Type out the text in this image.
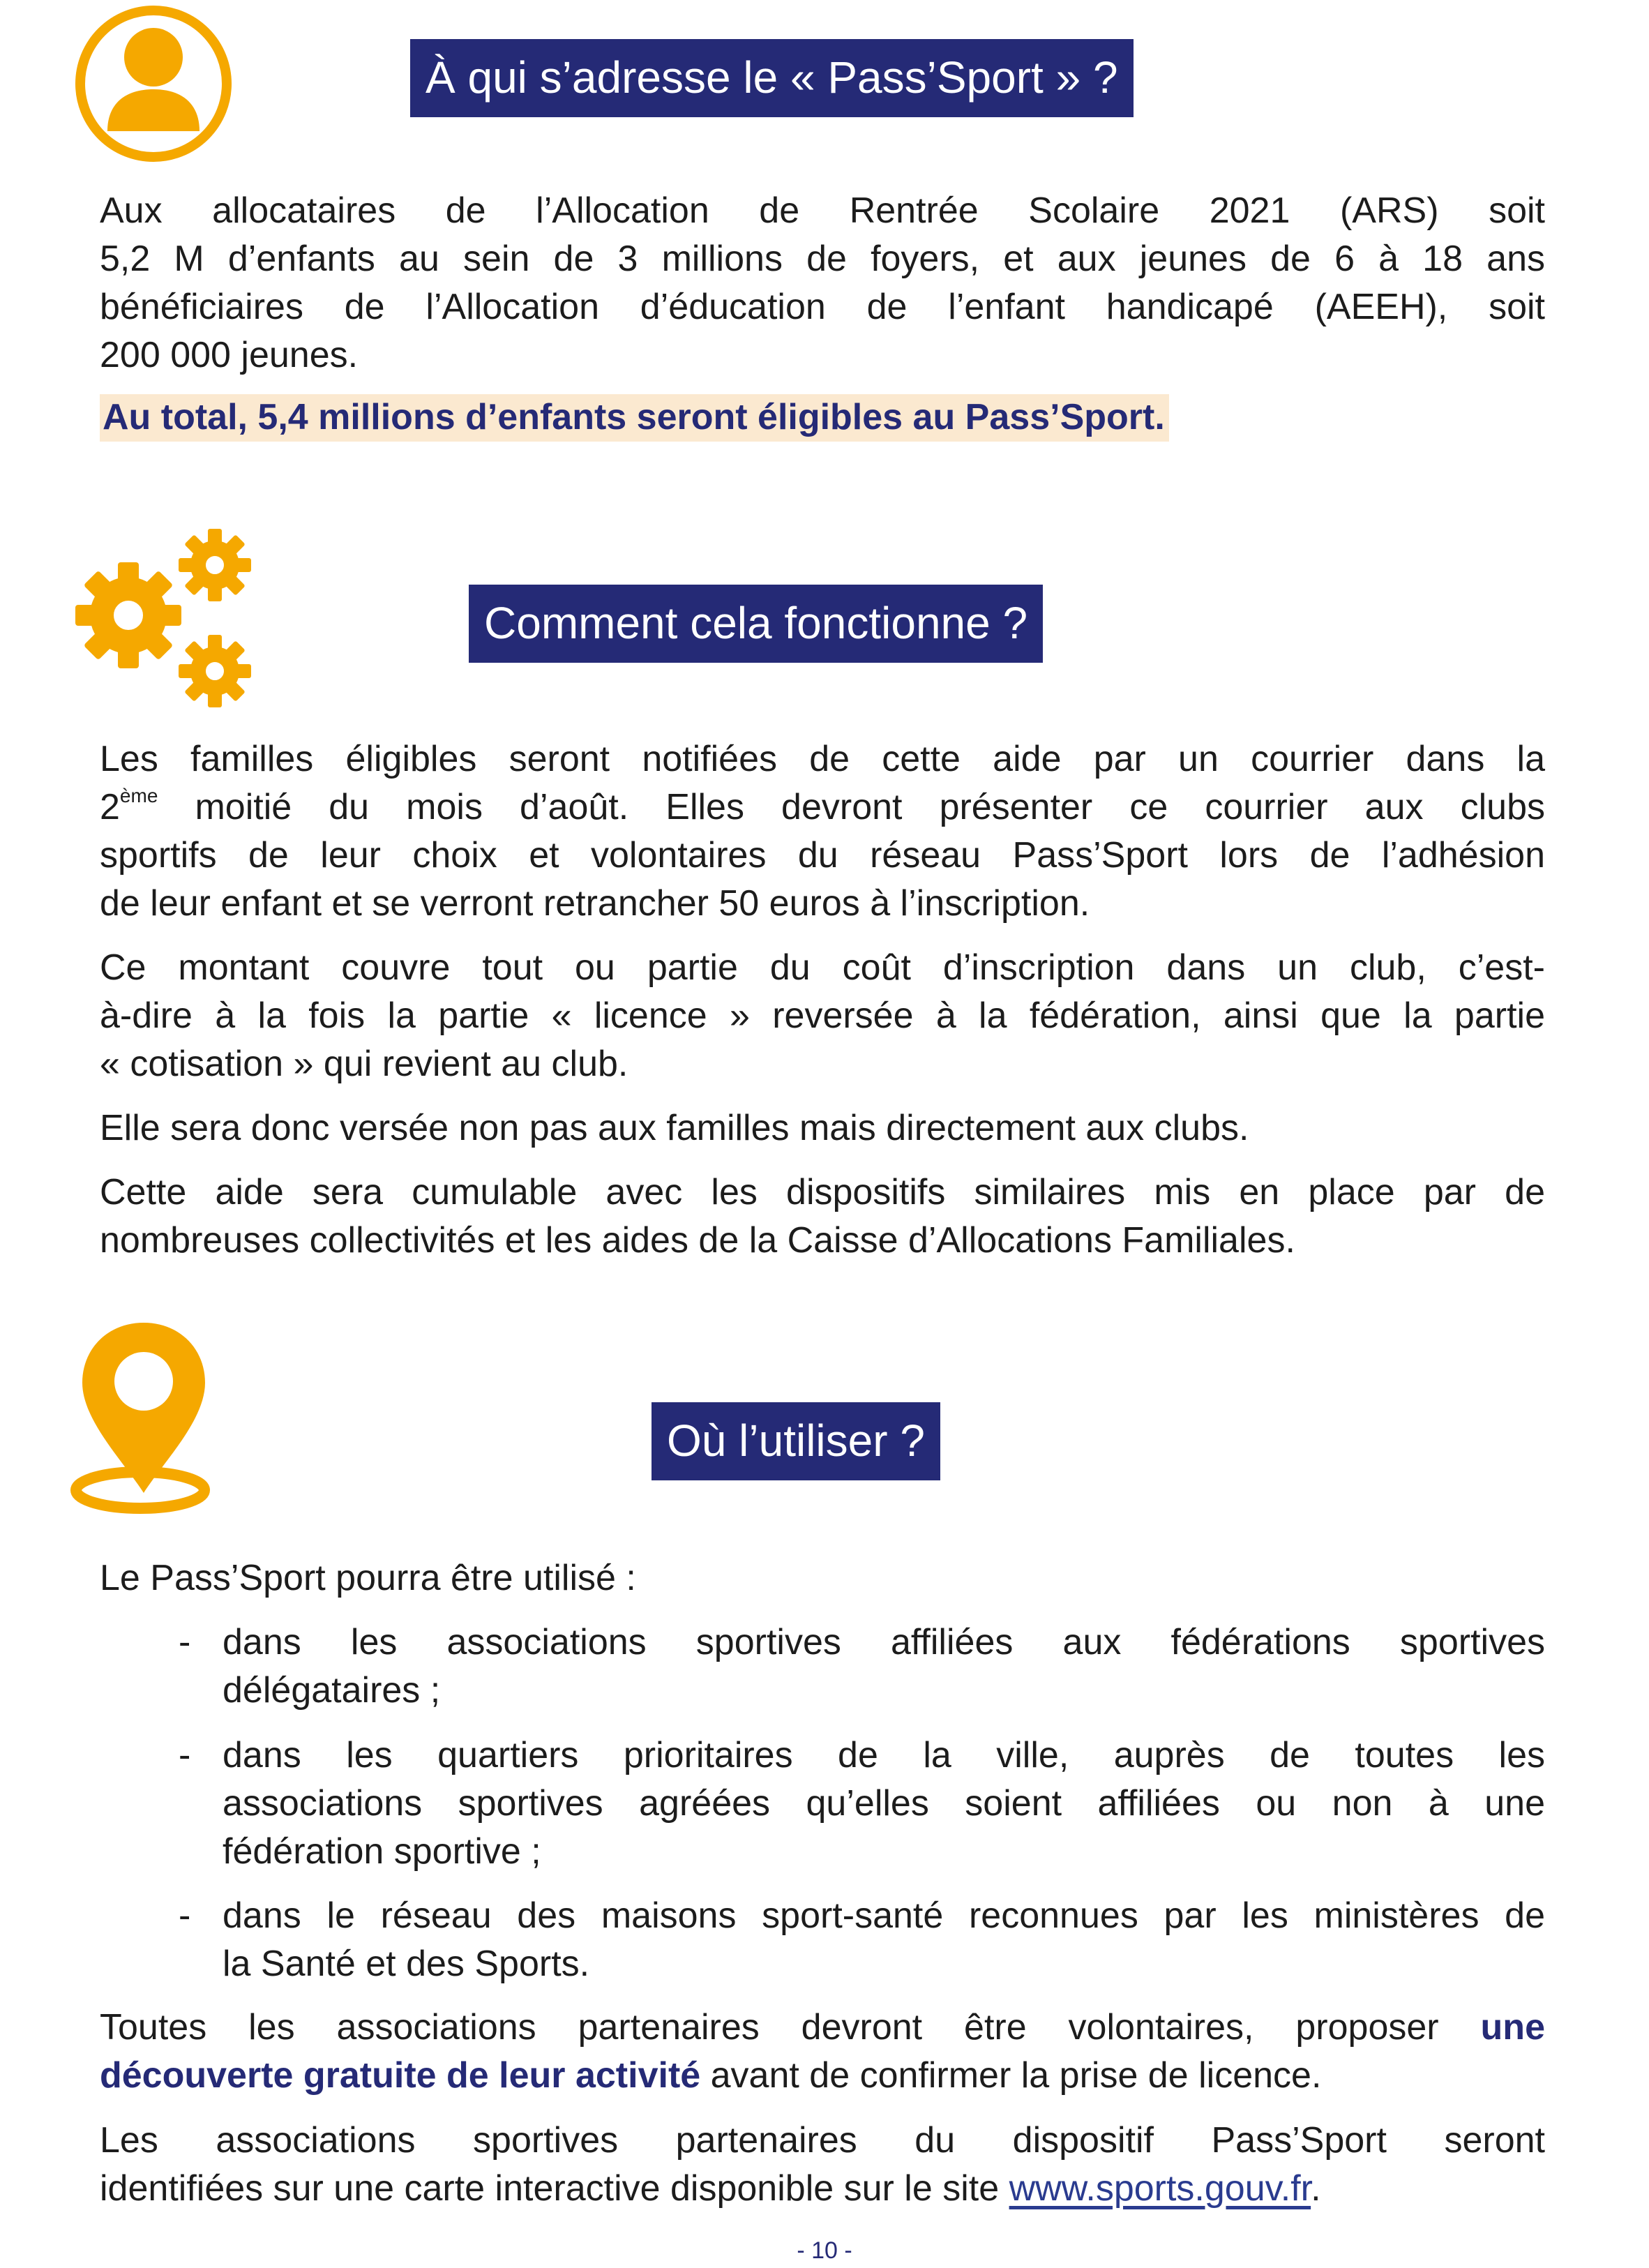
À qui s’adresse le « Pass’Sport » ?

Aux allocataires de l’Allocation de Rentrée Scolaire 2021 (ARS) soit

5,2 M d’enfants au sein de 3 millions de foyers, et aux jeunes de 6 à 18 ans

bénéficiaires de l’Allocation d’éducation de l’enfant handicapé (AEEH), soit

200 000 jeunes.

Au total, 5,4 millions d’enfants seront éligibles au Pass’Sport.

Comment cela fonctionne ?

Les familles éligibles seront notifiées de cette aide par un courrier dans la

2ème moitié du mois d’août. Elles devront présenter ce courrier aux clubs

sportifs de leur choix et volontaires du réseau Pass’Sport lors de l’adhésion

de leur enfant et se verront retrancher 50 euros à l’inscription.

Ce montant couvre tout ou partie du coût d’inscription dans un club, c’est-

à-dire à la fois la partie « licence » reversée à la fédération, ainsi que la partie

« cotisation » qui revient au club.

Elle sera donc versée non pas aux familles mais directement aux clubs.

Cette aide sera cumulable avec les dispositifs similaires mis en place par de

nombreuses collectivités et les aides de la Caisse d’Allocations Familiales.

Où l’utiliser ?
Le Pass’Sport pourra être utilisé :
- dans les associations sportives affiliées aux fédérations sportives

délégataires ;

- dans les quartiers prioritaires de la ville, auprès de toutes les

associations sportives agréées qu’elles soient affiliées ou non à une

fédération sportive ;

- dans le réseau des maisons sport-santé reconnues par les ministères de

la Santé et des Sports.

Toutes les associations partenaires devront être volontaires, proposer une

découverte gratuite de leur activité avant de confirmer la prise de licence.

Les associations sportives partenaires du dispositif Pass’Sport seront

identifiées sur une carte interactive disponible sur le site www.sports.gouv.fr.

- 10 -
